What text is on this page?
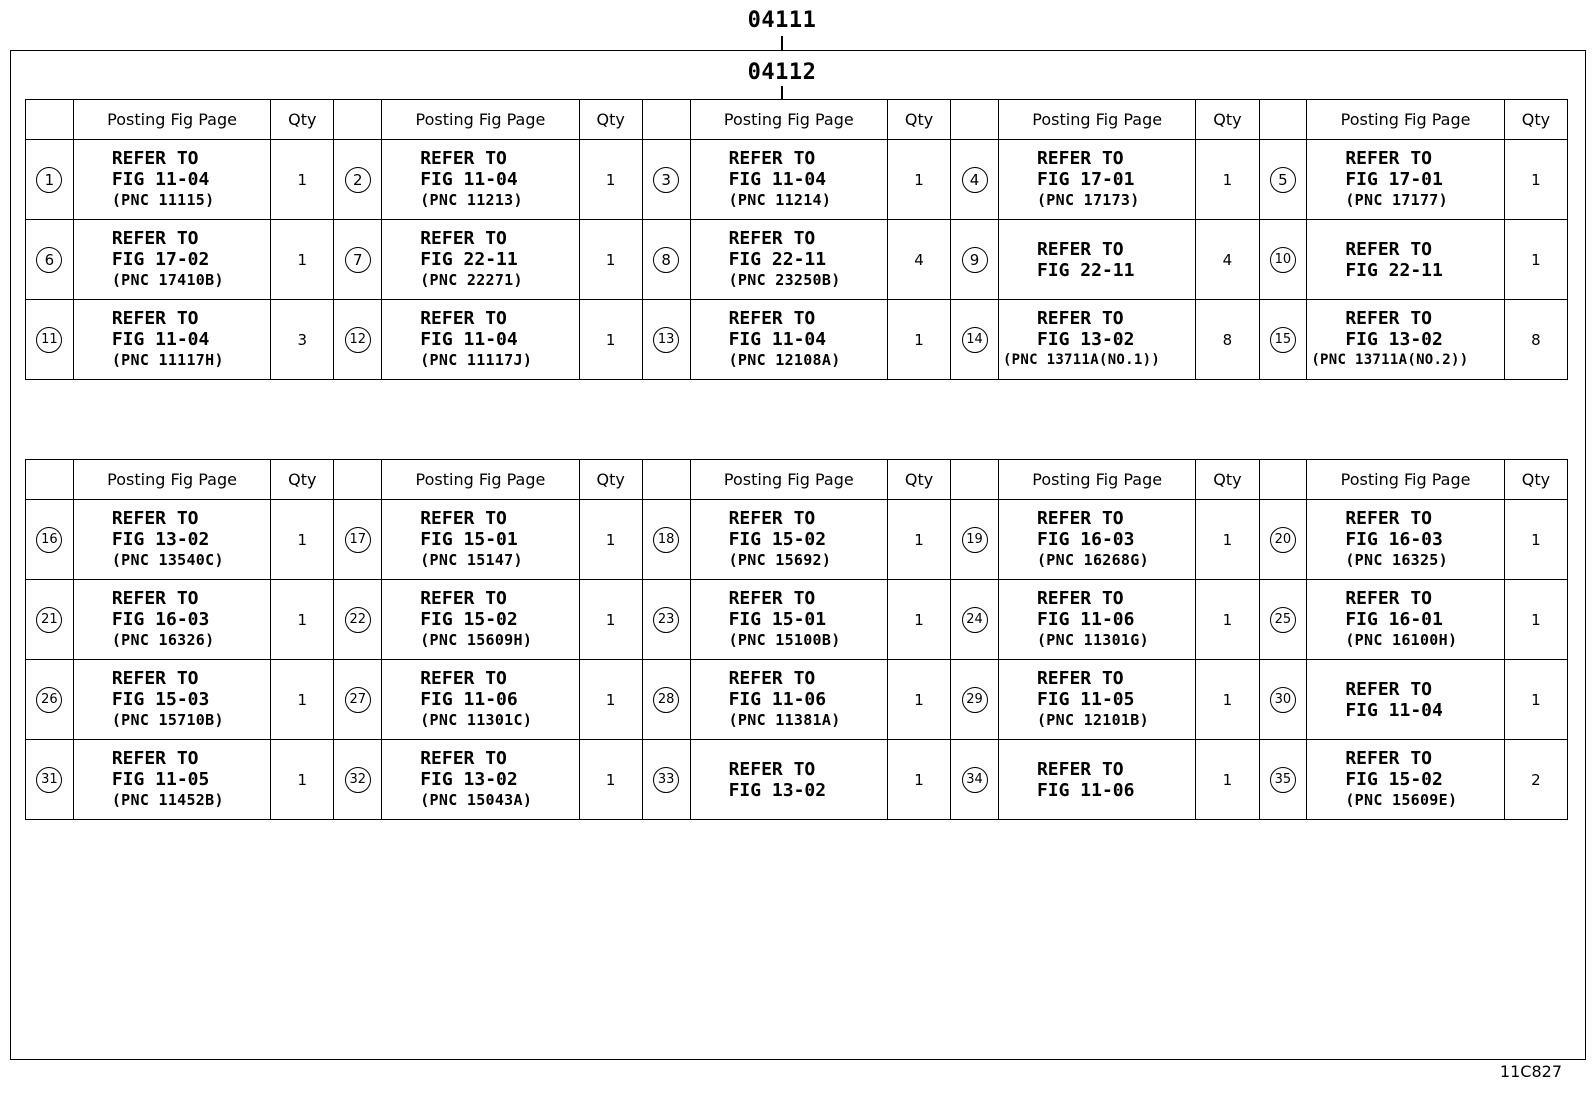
04111
04112
	Posting Fig Page	Qty		Posting Fig Page	Qty		Posting Fig Page	Qty		Posting Fig Page	Qty		Posting Fig Page	Qty
1	REFER TO
FIG 11-04
(PNC 11115)	1	2	REFER TO
FIG 11-04
(PNC 11213)	1	3	REFER TO
FIG 11-04
(PNC 11214)	1	4	REFER TO
FIG 17-01
(PNC 17173)	1	5	REFER TO
FIG 17-01
(PNC 17177)	1
6	REFER TO
FIG 17-02
(PNC 17410B)	1	7	REFER TO
FIG 22-11
(PNC 22271)	1	8	REFER TO
FIG 22-11
(PNC 23250B)	4	9	REFER TO
FIG 22-11	4	10	REFER TO
FIG 22-11	1
11	REFER TO
FIG 11-04
(PNC 11117H)	3	12	REFER TO
FIG 11-04
(PNC 11117J)	1	13	REFER TO
FIG 11-04
(PNC 12108A)	1	14	REFER TO
FIG 13-02
(PNC 13711A(NO.1))	8	15	REFER TO
FIG 13-02
(PNC 13711A(NO.2))	8
	Posting Fig Page	Qty		Posting Fig Page	Qty		Posting Fig Page	Qty		Posting Fig Page	Qty		Posting Fig Page	Qty
16	REFER TO
FIG 13-02
(PNC 13540C)	1	17	REFER TO
FIG 15-01
(PNC 15147)	1	18	REFER TO
FIG 15-02
(PNC 15692)	1	19	REFER TO
FIG 16-03
(PNC 16268G)	1	20	REFER TO
FIG 16-03
(PNC 16325)	1
21	REFER TO
FIG 16-03
(PNC 16326)	1	22	REFER TO
FIG 15-02
(PNC 15609H)	1	23	REFER TO
FIG 15-01
(PNC 15100B)	1	24	REFER TO
FIG 11-06
(PNC 11301G)	1	25	REFER TO
FIG 16-01
(PNC 16100H)	1
26	REFER TO
FIG 15-03
(PNC 15710B)	1	27	REFER TO
FIG 11-06
(PNC 11301C)	1	28	REFER TO
FIG 11-06
(PNC 11381A)	1	29	REFER TO
FIG 11-05
(PNC 12101B)	1	30	REFER TO
FIG 11-04	1
31	REFER TO
FIG 11-05
(PNC 11452B)	1	32	REFER TO
FIG 13-02
(PNC 15043A)	1	33	REFER TO
FIG 13-02	1	34	REFER TO
FIG 11-06	1	35	REFER TO
FIG 15-02
(PNC 15609E)	2
11C827
